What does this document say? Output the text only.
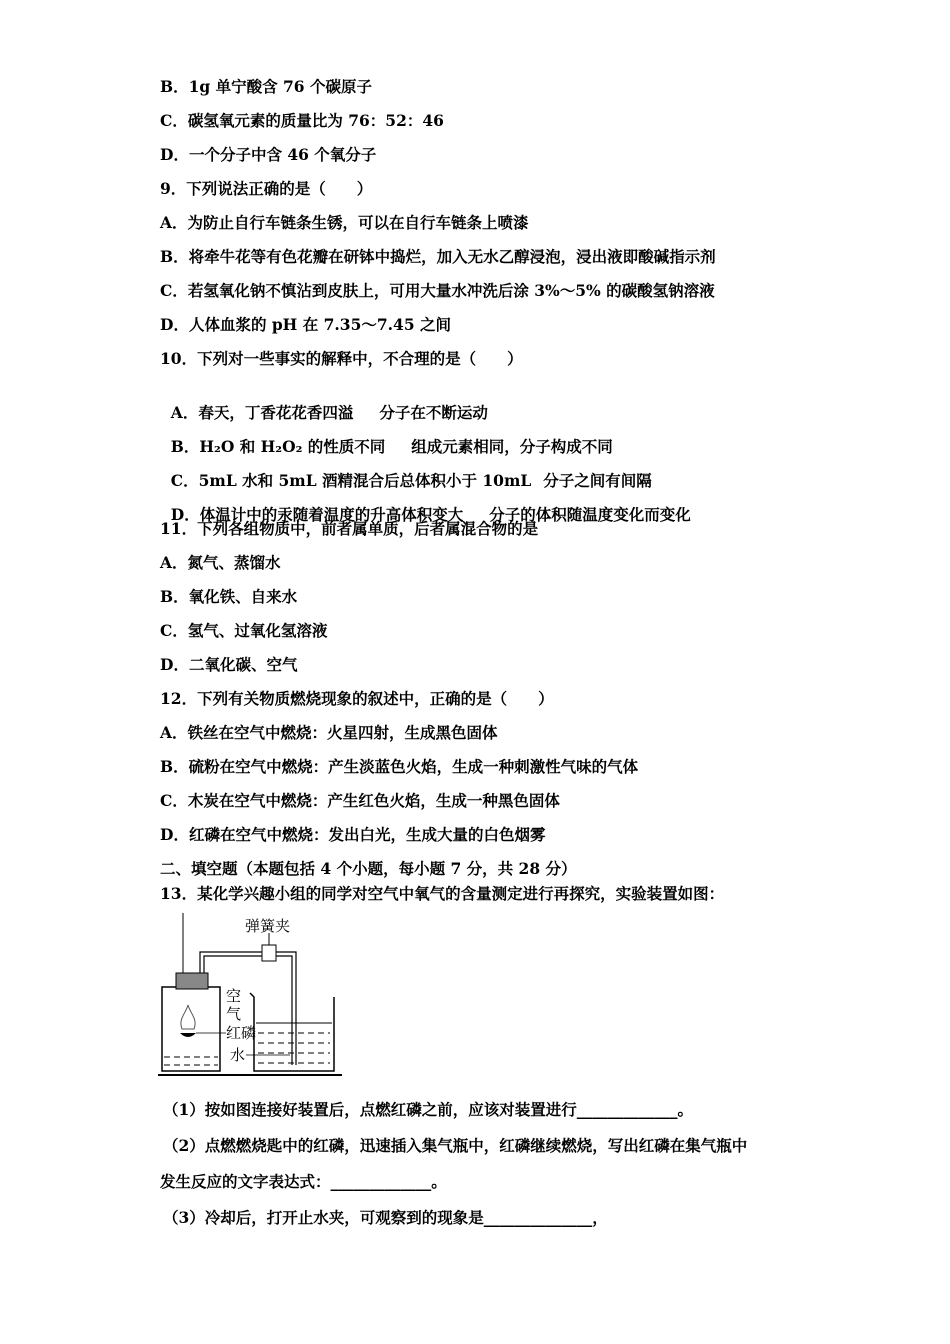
B．1g 单宁酸含 76 个碳原子
C．碳氢氧元素的质量比为 76：52：46
D．一个分子中含 46 个氧分子
9．下列说法正确的是（　　）
A．为防止自行车链条生锈，可以在自行车链条上喷漆
B．将牵牛花等有色花瓣在研钵中捣烂，加入无水乙醇浸泡，浸出液即酸碱指示剂
C．若氢氧化钠不慎沾到皮肤上，可用大量水冲洗后涂 3%～5% 的碳酸氢钠溶液
D．人体血浆的 pH 在 7.35～7.45 之间
10．下列对一些事实的解释中，不合理的是（　　）

A．春天，丁香花花香四溢 分子在不断运动

B．H₂O 和 H₂O₂ 的性质不同 组成元素相同，分子构成不同

C．5mL 水和 5mL 酒精混合后总体积小于 10mL 分子之间有间隔

D．体温计中的汞随着温度的升高体积变大 分子的体积随温度变化而变化

11．下列各组物质中，前者属单质，后者属混合物的是
A．氮气、蒸馏水
B．氧化铁、自来水
C．氢气、过氧化氢溶液
D．二氧化碳、空气
12．下列有关物质燃烧现象的叙述中，正确的是（　　）
A．铁丝在空气中燃烧：火星四射，生成黑色固体
B．硫粉在空气中燃烧：产生淡蓝色火焰，生成一种刺激性气味的气体
C．木炭在空气中燃烧：产生红色火焰，生成一种黑色固体
D．红磷在空气中燃烧：发出白光，生成大量的白色烟雾
二、填空题（本题包括 4 个小题，每小题 7 分，共 28 分）
13．某化学兴趣小组的同学对空气中氧气的含量测定进行再探究，实验装置如图：
弹簧夹
空
气
红磷
水
（1）按如图连接好装置后，点燃红磷之前，应该对装置进行_____________。
（2）点燃燃烧匙中的红磷，迅速插入集气瓶中，红磷继续燃烧，写出红磷在集气瓶中
发生反应的文字表达式：_____________。
（3）冷却后，打开止水夹，可观察到的现象是______________，
